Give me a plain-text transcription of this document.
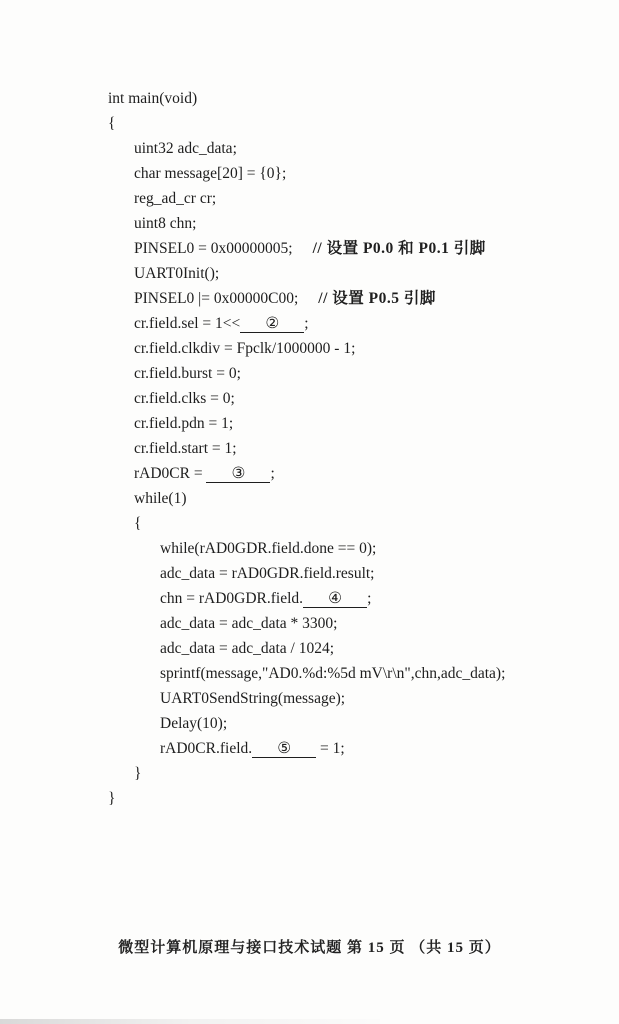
int main(void)
{
uint32 adc_data;
char message[20] = {0};
reg_ad_cr cr;
uint8 chn;
PINSEL0 = 0x00000005; // 设置 P0.0 和 P0.1 引脚
UART0Init();
PINSEL0 |= 0x00000C00; // 设置 P0.5 引脚
cr.field.sel = 1<< ② ;
cr.field.clkdiv = Fpclk/1000000 - 1;
cr.field.burst = 0;
cr.field.clks = 0;
cr.field.pdn = 1;
cr.field.start = 1;
rAD0CR = ③ ;
while(1)
{
while(rAD0GDR.field.done == 0);
adc_data = rAD0GDR.field.result;
chn = rAD0GDR.field. ④ ;
adc_data = adc_data * 3300;
adc_data = adc_data / 1024;
sprintf(message,"AD0.%d:%5d mV\r\n",chn,adc_data);
UART0SendString(message);
Delay(10);
rAD0CR.field. ⑤ = 1;
}
}
微型计算机原理与接口技术试题 第 15 页 （共 15 页）
